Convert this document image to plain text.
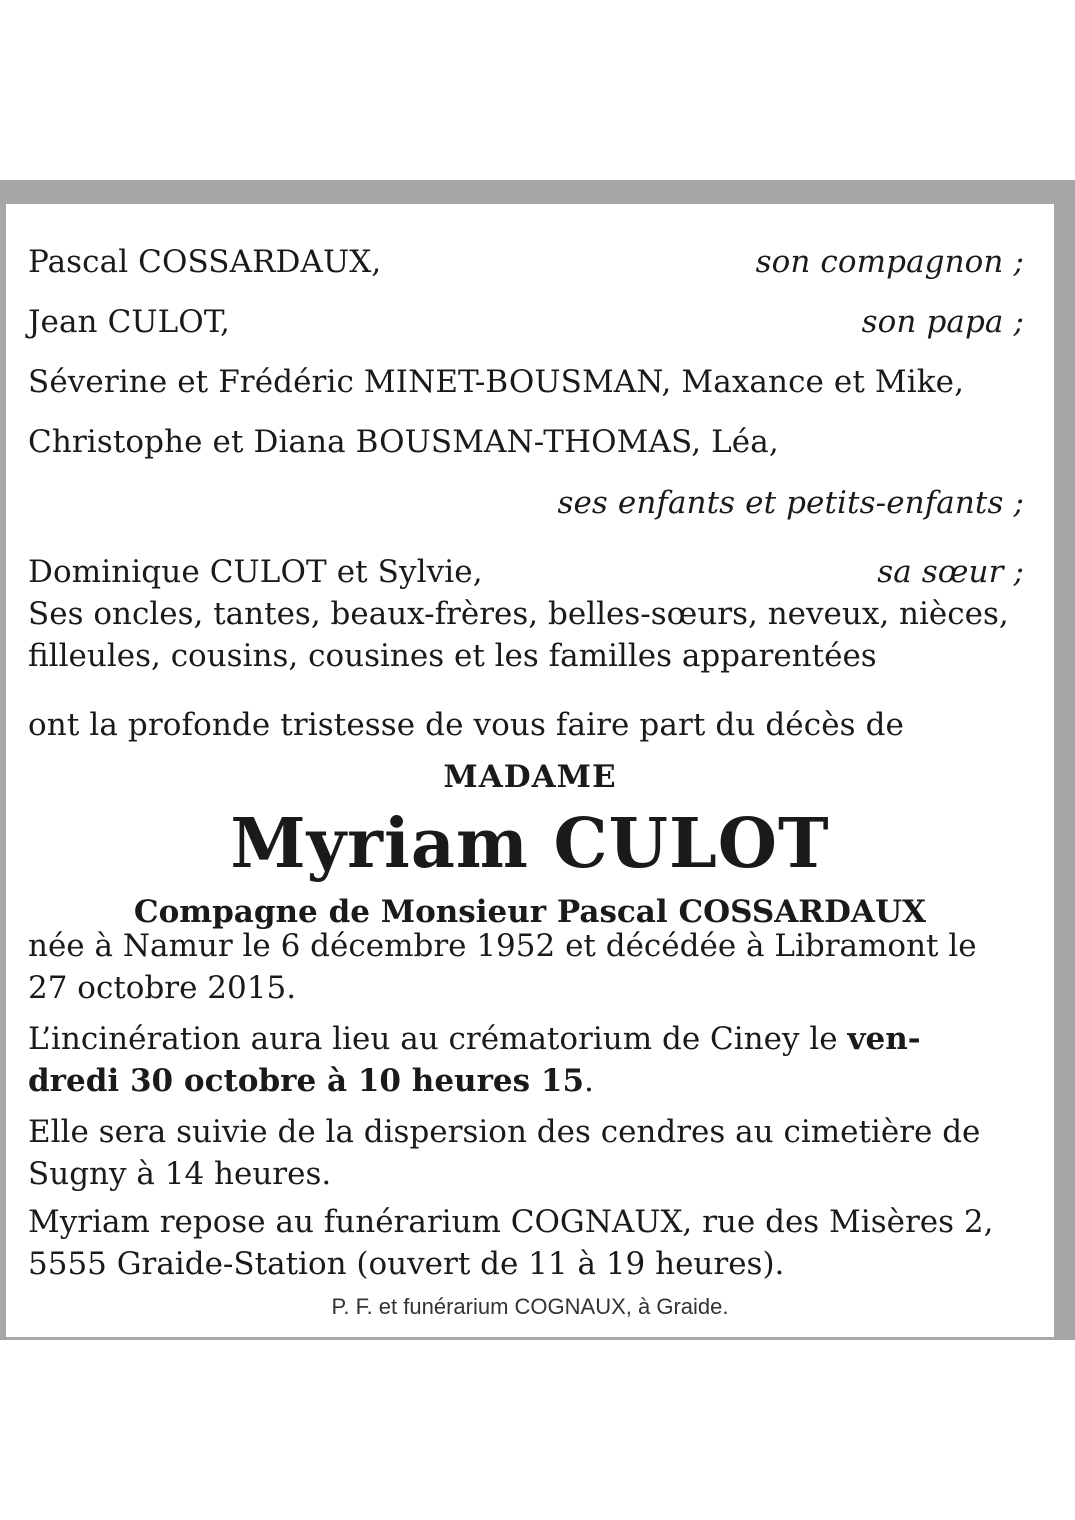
Pascal COSSARDAUX,	son compagnon ;
Jean CULOT,	son papa ;
Séverine et Frédéric MINET-BOUSMAN, Maxance et Mike,
Christophe et Diana BOUSMAN-THOMAS, Léa,
ses enfants et petits-enfants ;
Dominique CULOT et Sylvie,	sa sœur ;
Ses oncles, tantes, beaux-frères, belles-sœurs, neveux, nièces,
filleules, cousins, cousines et les familles apparentées
ont la profonde tristesse de vous faire part du décès de
MADAME
Myriam CULOT
Compagne de Monsieur Pascal COSSARDAUX
née à Namur le 6 décembre 1952 et décédée à Libramont le
27 octobre 2015.
L’incinération aura lieu au crématorium de Ciney le ven-
dredi 30 octobre à 10 heures 15.
Elle sera suivie de la dispersion des cendres au cimetière de
Sugny à 14 heures.
Myriam repose au funérarium COGNAUX, rue des Misères 2,
5555 Graide-Station (ouvert de 11 à 19 heures).
P. F. et funérarium COGNAUX, à Graide.
